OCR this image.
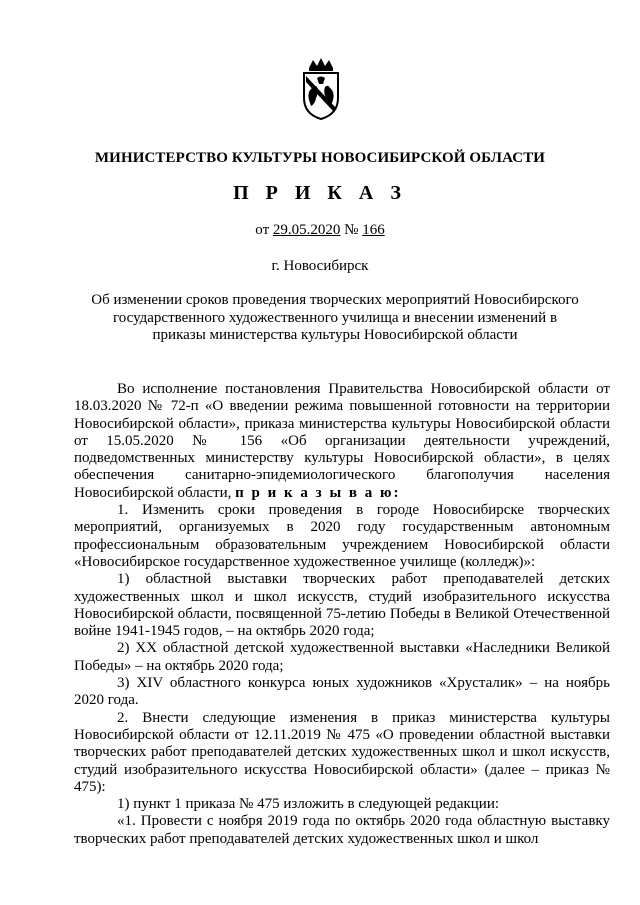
МИНИСТЕРСТВО КУЛЬТУРЫ НОВОСИБИРСКОЙ ОБЛАСТИ
П Р И К А З
от 29.05.2020 № 166
г. Новосибирск
Об изменении сроков проведения творческих мероприятий Новосибирского государственного художественного училища и внесении изменений в приказы министерства культуры Новосибирской области

Во исполнение постановления Правительства Новосибирской области от 18.03.2020 № 72-п «О введении режима повышенной готовности на территории Новосибирской области», приказа министерства культуры Новосибирской области от 15.05.2020 № 156 «Об организации деятельности учреждений, подведомственных министерству культуры Новосибирской области», в целях обеспечения санитарно-эпидемиологического благополучия населения Новосибирской области, п р и к а з ы в а ю:

1. Изменить сроки проведения в городе Новосибирске творческих мероприятий, организуемых в 2020 году государственным автономным профессиональным образовательным учреждением Новосибирской области «Новосибирское государственное художественное училище (колледж)»:

1) областной выставки творческих работ преподавателей детских художественных школ и школ искусств, студий изобразительного искусства Новосибирской области, посвященной 75-летию Победы в Великой Отечественной войне 1941-1945 годов, – на октябрь 2020 года;

2) XX областной детской художественной выставки «Наследники Великой Победы» – на октябрь 2020 года;

3) XIV областного конкурса юных художников «Хрусталик» – на ноябрь 2020 года.

2. Внести следующие изменения в приказ министерства культуры Новосибирской области от 12.11.2019 № 475 «О проведении областной выставки творческих работ преподавателей детских художественных школ и школ искусств, студий изобразительного искусства Новосибирской области» (далее – приказ № 475):

1) пункт 1 приказа № 475 изложить в следующей редакции:

«1. Провести с ноября 2019 года по октябрь 2020 года областную выставку творческих работ преподавателей детских художественных школ и школ
